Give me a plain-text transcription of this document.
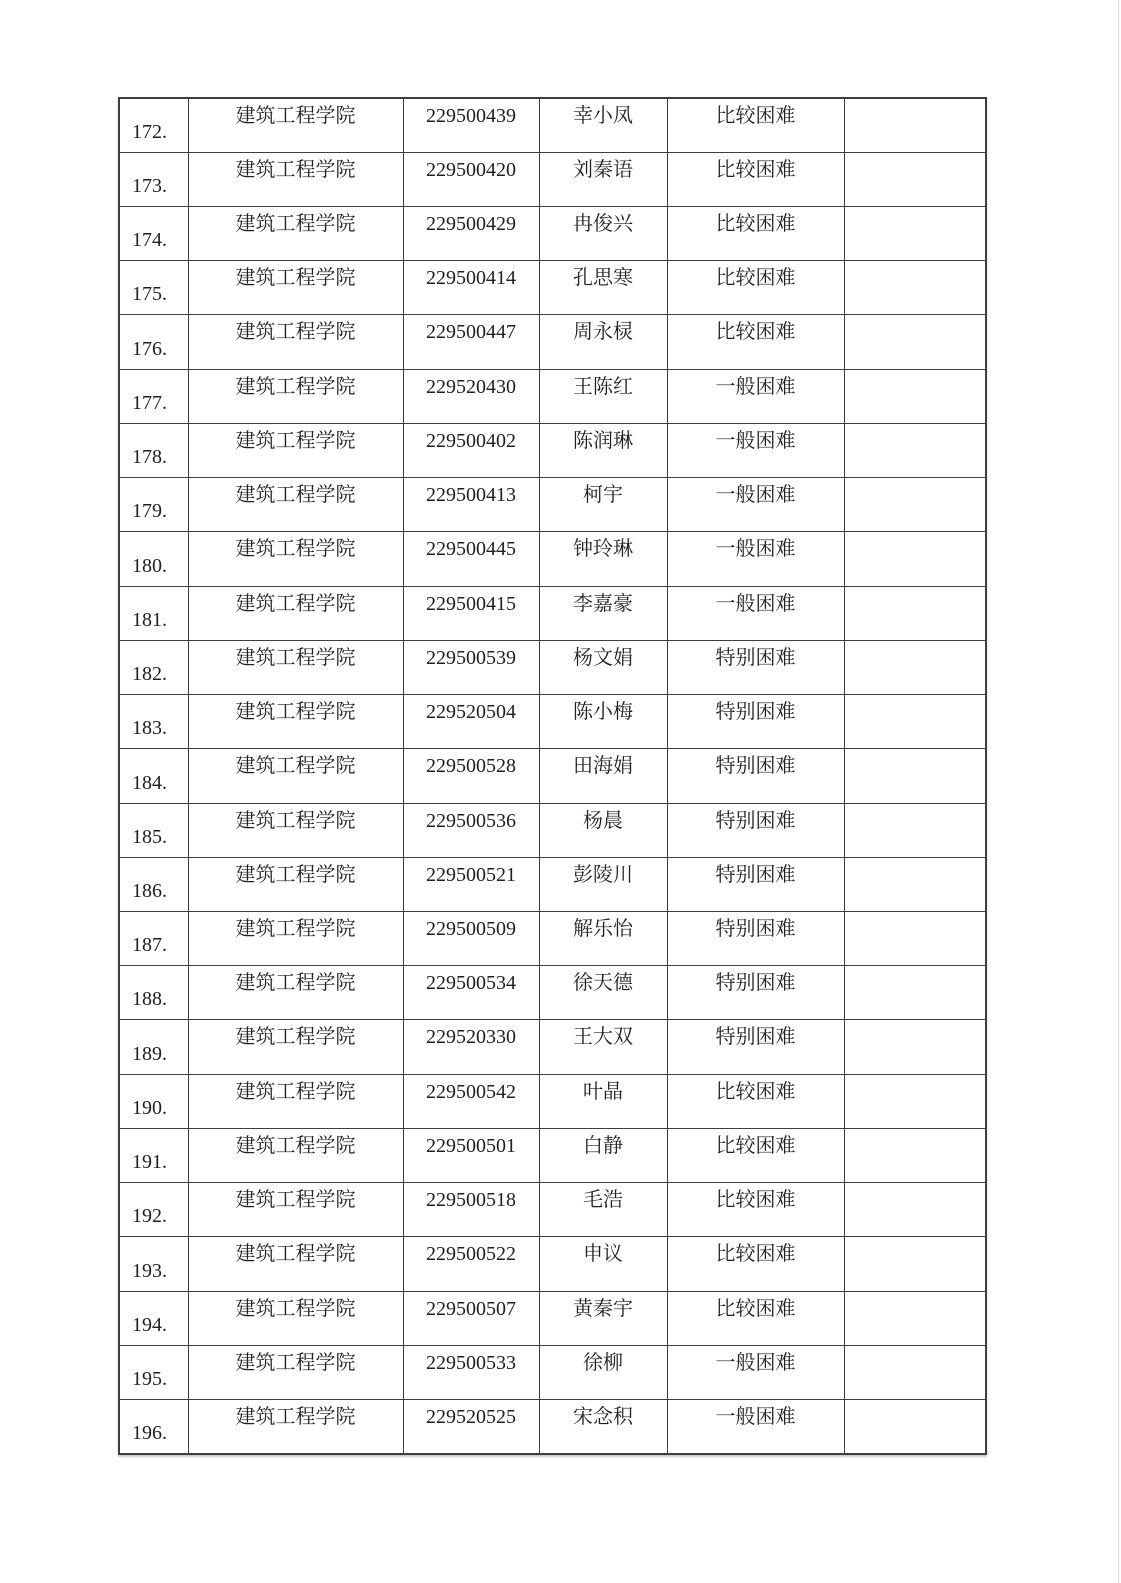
172.	建筑工程学院	229500439	幸小凤	比较困难	
173.	建筑工程学院	229500420	刘秦语	比较困难	
174.	建筑工程学院	229500429	冉俊兴	比较困难	
175.	建筑工程学院	229500414	孔思寒	比较困难	
176.	建筑工程学院	229500447	周永棂	比较困难	
177.	建筑工程学院	229520430	王陈红	一般困难	
178.	建筑工程学院	229500402	陈润琳	一般困难	
179.	建筑工程学院	229500413	柯宇	一般困难	
180.	建筑工程学院	229500445	钟玲琳	一般困难	
181.	建筑工程学院	229500415	李嘉豪	一般困难	
182.	建筑工程学院	229500539	杨文娟	特别困难	
183.	建筑工程学院	229520504	陈小梅	特别困难	
184.	建筑工程学院	229500528	田海娟	特别困难	
185.	建筑工程学院	229500536	杨晨	特别困难	
186.	建筑工程学院	229500521	彭陵川	特别困难	
187.	建筑工程学院	229500509	解乐怡	特别困难	
188.	建筑工程学院	229500534	徐天德	特别困难	
189.	建筑工程学院	229520330	王大双	特别困难	
190.	建筑工程学院	229500542	叶晶	比较困难	
191.	建筑工程学院	229500501	白静	比较困难	
192.	建筑工程学院	229500518	毛浩	比较困难	
193.	建筑工程学院	229500522	申议	比较困难	
194.	建筑工程学院	229500507	黄秦宇	比较困难	
195.	建筑工程学院	229500533	徐柳	一般困难	
196.	建筑工程学院	229520525	宋念积	一般困难	
